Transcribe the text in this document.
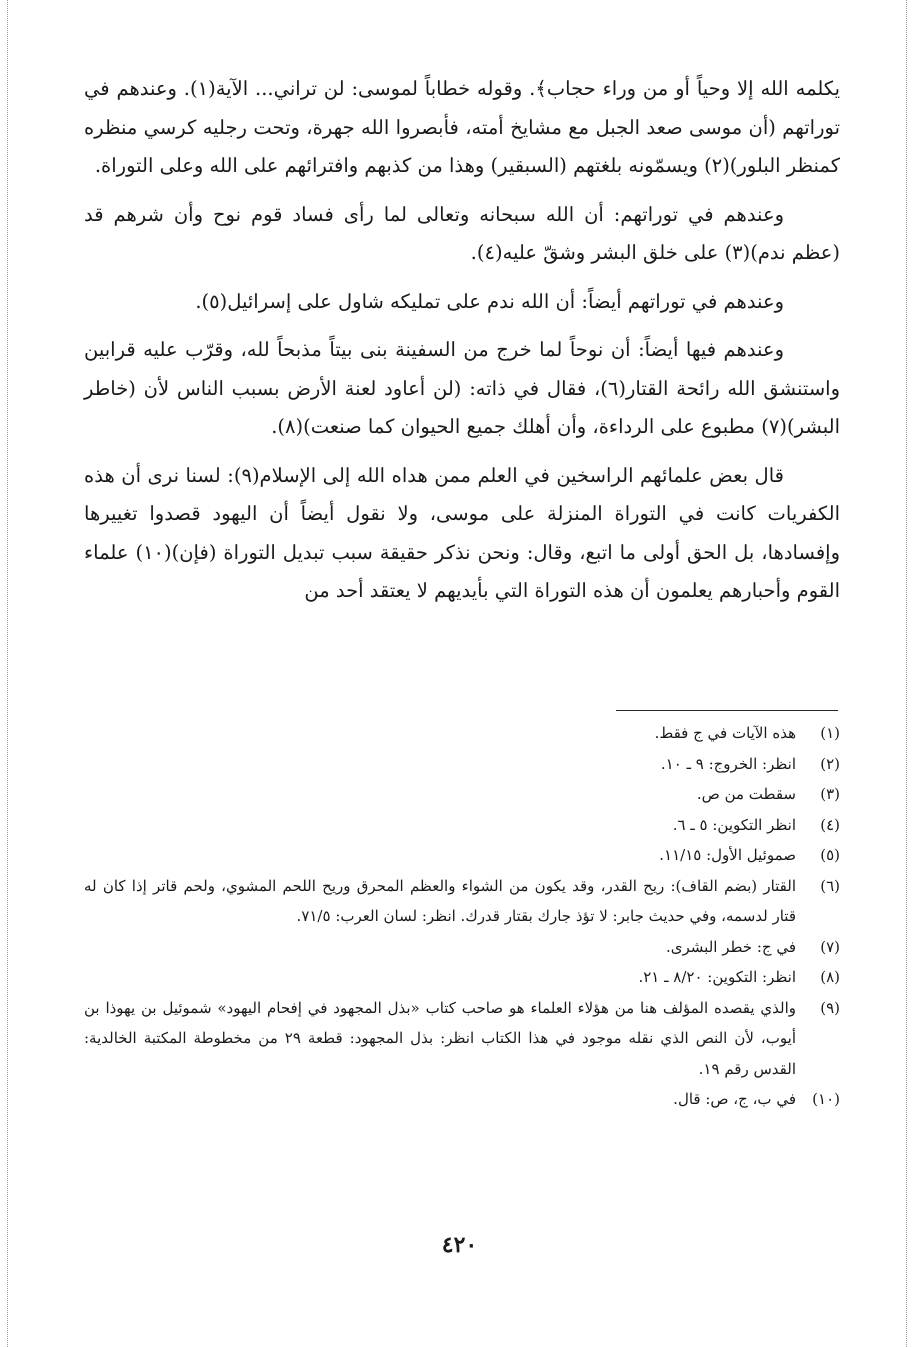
يكلمه الله إلا وحياً أو من وراء حجاب﴾. وقوله خطاباً لموسى: لن تراني... الآية(١). وعندهم في توراتهم (أن موسى صعد الجبل مع مشايخ أمته، فأبصروا الله جهرة، وتحت رجليه كرسي منظره كمنظر البلور)(٢) ويسمّونه بلغتهم (السبقير) وهذا من كذبهم وافترائهم على الله وعلى التوراة.

وعندهم في توراتهم: أن الله سبحانه وتعالى لما رأى فساد قوم نوح وأن شرهم قد (عظم ندم)(٣) على خلق البشر وشقّ عليه(٤).

وعندهم في توراتهم أيضاً: أن الله ندم على تمليكه شاول على إسرائيل(٥).

وعندهم فيها أيضاً: أن نوحاً لما خرج من السفينة بنى بيتاً مذبحاً لله، وقرّب عليه قرابين واستنشق الله رائحة القتار(٦)، فقال في ذاته: (لن أعاود لعنة الأرض بسبب الناس لأن (خاطر البشر)(٧) مطبوع على الرداءة، وأن أهلك جميع الحيوان كما صنعت)(٨).

قال بعض علمائهم الراسخين في العلم ممن هداه الله إلى الإسلام(٩): لسنا نرى أن هذه الكفريات كانت في التوراة المنزلة على موسى، ولا نقول أيضاً أن اليهود قصدوا تغييرها وإفسادها، بل الحق أولى ما اتبع، وقال: ونحن نذكر حقيقة سبب تبديل التوراة (فإن)(١٠) علماء القوم وأحبارهم يعلمون أن هذه التوراة التي بأيديهم لا يعتقد أحد من

(١)
هذه الآيات في ج فقط.
(٢)
انظر: الخروج: ٩ ـ ١٠.
(٣)
سقطت من ص.
(٤)
انظر التكوين: ٥ ـ ٦.
(٥)
صموئيل الأول: ١١/١٥.
(٦)
القتار (بضم القاف): ريح القدر، وقد يكون من الشواء والعظم المحرق وريح اللحم المشوي، ولحم قاتر إذا كان له قتار لدسمه، وفي حديث جابر: لا تؤذ جارك بقتار قدرك. انظر: لسان العرب: ٧١/٥.
(٧)
في ج: خطر البشرى.
(٨)
انظر: التكوين: ٨/٢٠ ـ ٢١.
(٩)
والذي يقصده المؤلف هنا من هؤلاء العلماء هو صاحب كتاب «بذل المجهود في إفحام اليهود» شموئيل بن يهوذا بن أيوب، لأن النص الذي نقله موجود في هذا الكتاب انظر: بذل المجهود: قطعة ٢٩ من مخطوطة المكتبة الخالدية: القدس رقم ١٩.
(١٠)
في ب، ج، ص: قال.
٤٢٠
